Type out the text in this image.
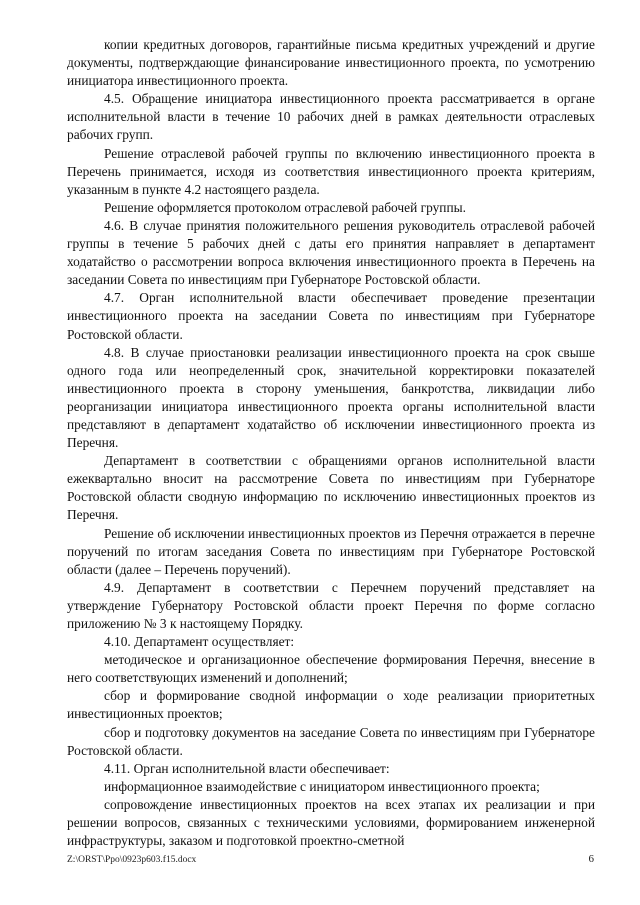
копии кредитных договоров, гарантийные письма кредитных учреждений и другие документы, подтверждающие финансирование инвестиционного проекта, по усмотрению инициатора инвестиционного проекта.

4.5. Обращение инициатора инвестиционного проекта рассматривается в органе исполнительной власти в течение 10 рабочих дней в рамках деятельности отраслевых рабочих групп.

Решение отраслевой рабочей группы по включению инвестиционного проекта в Перечень принимается, исходя из соответствия инвестиционного проекта критериям, указанным в пункте 4.2 настоящего раздела.

Решение оформляется протоколом отраслевой рабочей группы.

4.6. В случае принятия положительного решения руководитель отраслевой рабочей группы в течение 5 рабочих дней с даты его принятия направляет в департамент ходатайство о рассмотрении вопроса включения инвестиционного проекта в Перечень на заседании Совета по инвестициям при Губернаторе Ростовской области.

4.7. Орган исполнительной власти обеспечивает проведение презентации инвестиционного проекта на заседании Совета по инвестициям при Губернаторе Ростовской области.

4.8. В случае приостановки реализации инвестиционного проекта на срок свыше одного года или неопределенный срок, значительной корректировки показателей инвестиционного проекта в сторону уменьшения, банкротства, ликвидации либо реорганизации инициатора инвестиционного проекта органы исполнительной власти представляют в департамент ходатайство об исключении инвестиционного проекта из Перечня.

Департамент в соответствии с обращениями органов исполнительной власти ежеквартально вносит на рассмотрение Совета по инвестициям при Губернаторе Ростовской области сводную информацию по исключению инвестиционных проектов из Перечня.

Решение об исключении инвестиционных проектов из Перечня отражается в перечне поручений по итогам заседания Совета по инвестициям при Губернаторе Ростовской области (далее – Перечень поручений).

4.9. Департамент в соответствии с Перечнем поручений представляет на утверждение Губернатору Ростовской области проект Перечня по форме согласно приложению № 3 к настоящему Порядку.

4.10. Департамент осуществляет:

методическое и организационное обеспечение формирования Перечня, внесение в него соответствующих изменений и дополнений;

сбор и формирование сводной информации о ходе реализации приоритетных инвестиционных проектов;

сбор и подготовку документов на заседание Совета по инвестициям при Губернаторе Ростовской области.

4.11. Орган исполнительной власти обеспечивает:

информационное взаимодействие с инициатором инвестиционного проекта;

сопровождение инвестиционных проектов на всех этапах их реализации и при решении вопросов, связанных с техническими условиями, формированием инженерной инфраструктуры, заказом и подготовкой проектно-сметной

Z:\ORST\Ppo\0923p603.f15.docx	6
